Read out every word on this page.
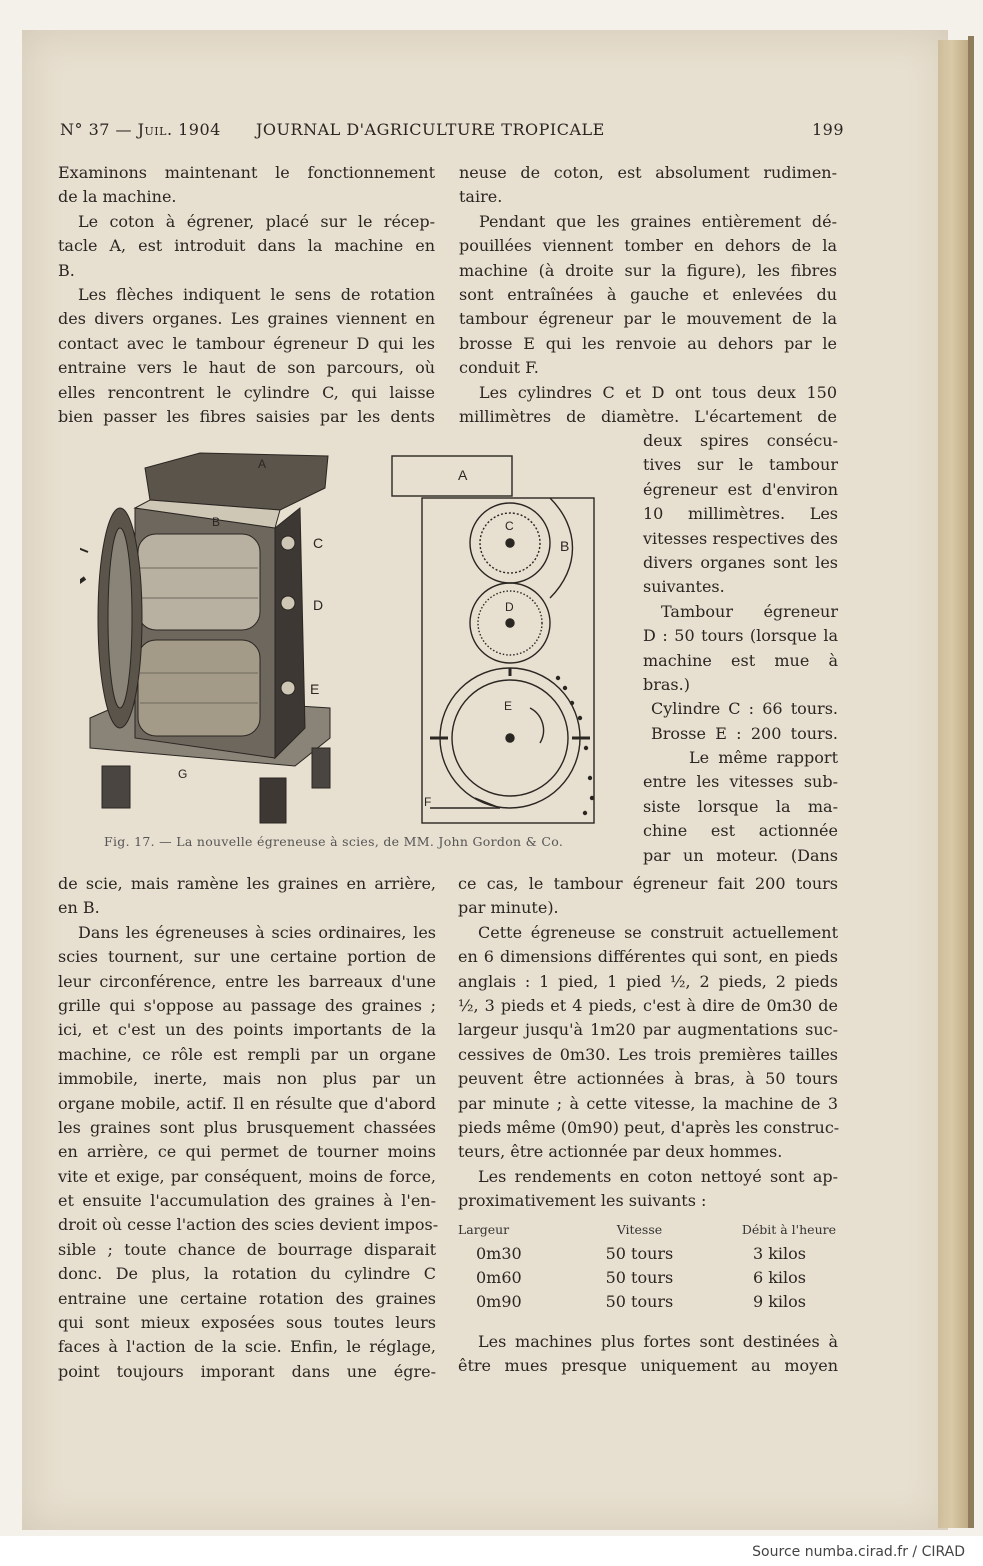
N° 37 — Juil. 1904 JOURNAL D'AGRICULTURE TROPICALE	199
Examinons maintenant le fonctionnement
de la machine.
Le coton à égrener, placé sur le récep-
tacle A, est introduit dans la machine en
B.
Les flèches indiquent le sens de rotation
des divers organes. Les graines viennent en
contact avec le tambour égreneur D qui les
entraine vers le haut de son parcours, où
elles rencontrent le cylindre C, qui laisse
bien passer les fibres saisies par les dents
neuse de coton, est absolument rudimen-
taire.
Pendant que les graines entièrement dé-
pouillées viennent tomber en dehors de la
machine (à droite sur la figure), les fibres
sont entraînées à gauche et enlevées du
tambour égreneur par le mouvement de la
brosse E qui les renvoie au dehors par le
conduit F.
Les cylindres C et D ont tous deux 150
millimètres de diamètre. L'écartement de
deux spires consécu-
tives sur le tambour
égreneur est d'environ
10 millimètres. Les
vitesses respectives des
divers organes sont les
suivantes.
Tambour égreneur
D : 50 tours (lorsque la
machine est mue à
bras.)
Cylindre C : 66 tours.
Brosse E : 200 tours.
Le même rapport
entre les vitesses sub-
siste lorsque la ma-
chine est actionnée
par un moteur. (Dans
A
B
C
D
E
G
A
C
B
D
E
F
Fig. 17. — La nouvelle égreneuse à scies, de MM. John Gordon & Co.
de scie, mais ramène les graines en arrière,
en B.
Dans les égreneuses à scies ordinaires, les
scies tournent, sur une certaine portion de
leur circonférence, entre les barreaux d'une
grille qui s'oppose au passage des graines ;
ici, et c'est un des points importants de la
machine, ce rôle est rempli par un organe
immobile, inerte, mais non plus par un
organe mobile, actif. Il en résulte que d'abord
les graines sont plus brusquement chassées
en arrière, ce qui permet de tourner moins
vite et exige, par conséquent, moins de force,
et ensuite l'accumulation des graines à l'en-
droit où cesse l'action des scies devient impos-
sible ; toute chance de bourrage disparait
donc. De plus, la rotation du cylindre C
entraine une certaine rotation des graines
qui sont mieux exposées sous toutes leurs
faces à l'action de la scie. Enfin, le réglage,
point toujours imporant dans une égre-
ce cas, le tambour égreneur fait 200 tours
par minute).
Cette égreneuse se construit actuellement
en 6 dimensions différentes qui sont, en pieds
anglais : 1 pied, 1 pied ½, 2 pieds, 2 pieds
½, 3 pieds et 4 pieds, c'est à dire de 0m30 de
largeur jusqu'à 1m20 par augmentations suc-
cessives de 0m30. Les trois premières tailles
peuvent être actionnées à bras, à 50 tours
par minute ; à cette vitesse, la machine de 3
pieds même (0m90) peut, d'après les construc-
teurs, être actionnée par deux hommes.
Les rendements en coton nettoyé sont ap-
proximativement les suivants :
Largeur	Vitesse	Débit à l'heure
0m30	50 tours	3 kilos
0m60	50 tours	6 kilos
0m90	50 tours	9 kilos
Les machines plus fortes sont destinées à
être mues presque uniquement au moyen
Source numba.cirad.fr / CIRAD
